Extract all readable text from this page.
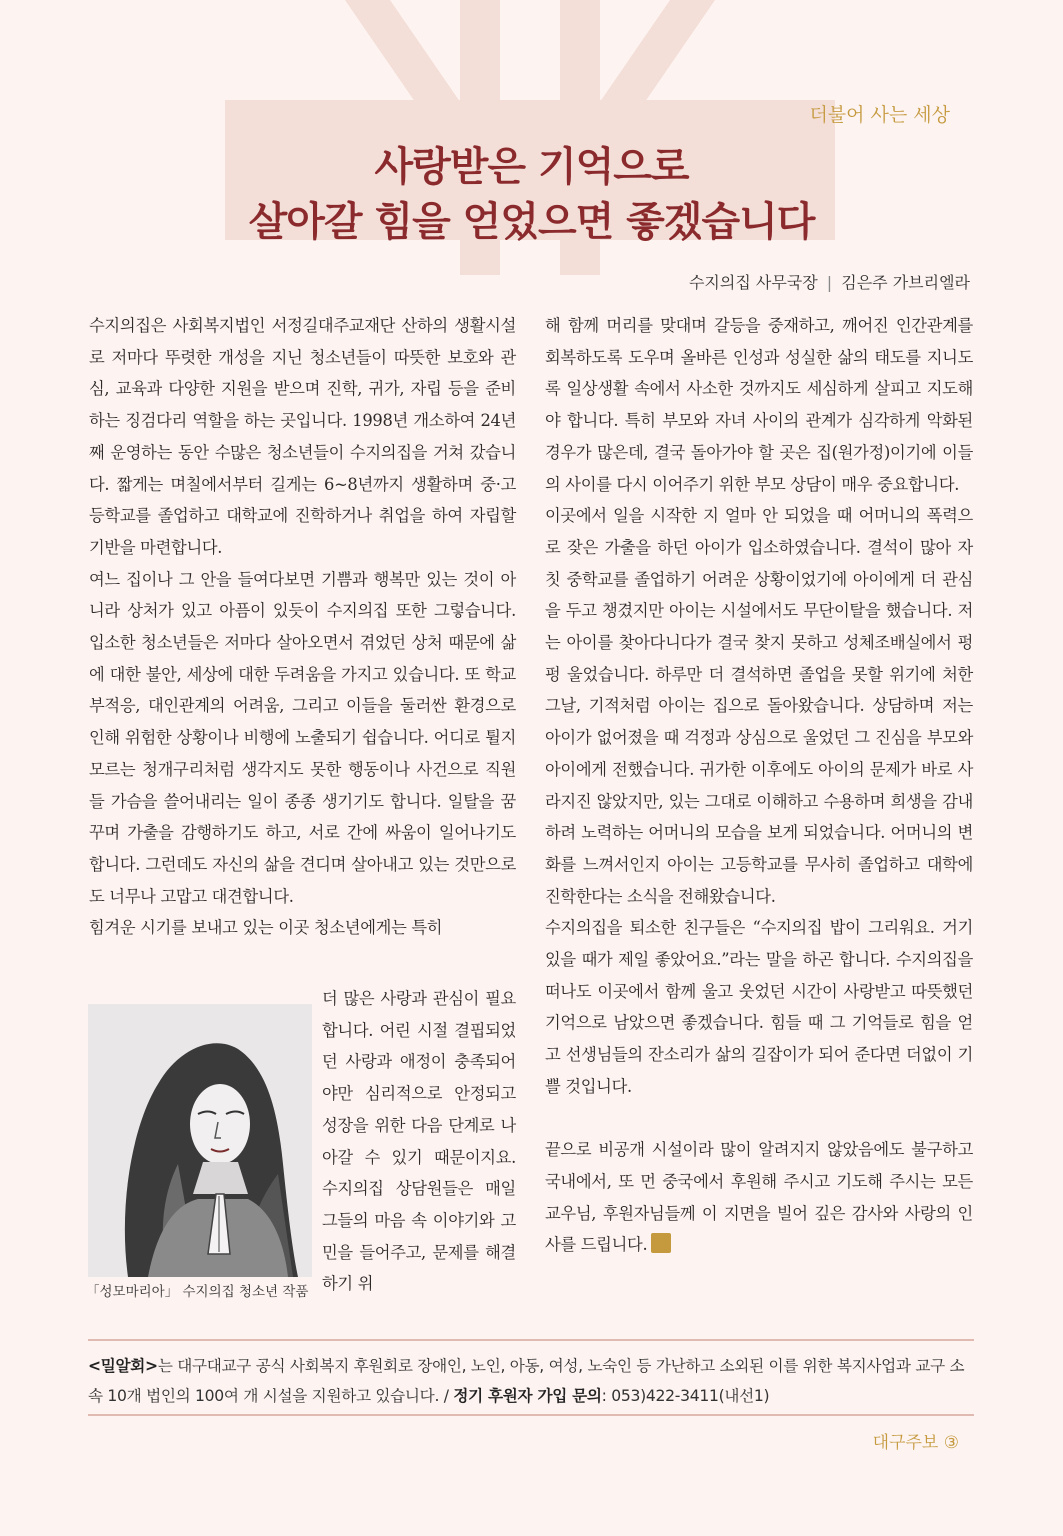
더불어 사는 세상
사랑받은 기억으로
살아갈 힘을 얻었으면 좋겠습니다
수지의집 사무국장 | 김은주 가브리엘라

수지의집은 사회복지법인 서정길대주교재단 산하의 생활시설로 저마다 뚜렷한 개성을 지닌 청소년들이 따뜻한 보호와 관심, 교육과 다양한 지원을 받으며 진학, 귀가, 자립 등을 준비하는 징검다리 역할을 하는 곳입니다. 1998년 개소하여 24년째 운영하는 동안 수많은 청소년들이 수지의집을 거쳐 갔습니다. 짧게는 며칠에서부터 길게는 6~8년까지 생활하며 중·고등학교를 졸업하고 대학교에 진학하거나 취업을 하여 자립할 기반을 마련합니다.

여느 집이나 그 안을 들여다보면 기쁨과 행복만 있는 것이 아니라 상처가 있고 아픔이 있듯이 수지의집 또한 그렇습니다. 입소한 청소년들은 저마다 살아오면서 겪었던 상처 때문에 삶에 대한 불안, 세상에 대한 두려움을 가지고 있습니다. 또 학교 부적응, 대인관계의 어려움, 그리고 이들을 둘러싼 환경으로 인해 위험한 상황이나 비행에 노출되기 쉽습니다. 어디로 튈지 모르는 청개구리처럼 생각지도 못한 행동이나 사건으로 직원들 가슴을 쓸어내리는 일이 종종 생기기도 합니다. 일탈을 꿈꾸며 가출을 감행하기도 하고, 서로 간에 싸움이 일어나기도 합니다. 그런데도 자신의 삶을 견디며 살아내고 있는 것만으로도 너무나 고맙고 대견합니다.

힘겨운 시기를 보내고 있는 이곳 청소년에게는 특히

「성모마리아」 수지의집 청소년 작품

더 많은 사랑과 관심이 필요합니다. 어린 시절 결핍되었던 사랑과 애정이 충족되어야만 심리적으로 안정되고 성장을 위한 다음 단계로 나아갈 수 있기 때문이지요. 수지의집 상담원들은 매일 그들의 마음 속 이야기와 고민을 들어주고, 문제를 해결하기 위

해 함께 머리를 맞대며 갈등을 중재하고, 깨어진 인간관계를 회복하도록 도우며 올바른 인성과 성실한 삶의 태도를 지니도록 일상생활 속에서 사소한 것까지도 세심하게 살피고 지도해야 합니다. 특히 부모와 자녀 사이의 관계가 심각하게 악화된 경우가 많은데, 결국 돌아가야 할 곳은 집(원가정)이기에 이들의 사이를 다시 이어주기 위한 부모 상담이 매우 중요합니다.

이곳에서 일을 시작한 지 얼마 안 되었을 때 어머니의 폭력으로 잦은 가출을 하던 아이가 입소하였습니다. 결석이 많아 자칫 중학교를 졸업하기 어려운 상황이었기에 아이에게 더 관심을 두고 챙겼지만 아이는 시설에서도 무단이탈을 했습니다. 저는 아이를 찾아다니다가 결국 찾지 못하고 성체조배실에서 펑펑 울었습니다. 하루만 더 결석하면 졸업을 못할 위기에 처한 그날, 기적처럼 아이는 집으로 돌아왔습니다. 상담하며 저는 아이가 없어졌을 때 걱정과 상심으로 울었던 그 진심을 부모와 아이에게 전했습니다. 귀가한 이후에도 아이의 문제가 바로 사라지진 않았지만, 있는 그대로 이해하고 수용하며 희생을 감내하려 노력하는 어머니의 모습을 보게 되었습니다. 어머니의 변화를 느껴서인지 아이는 고등학교를 무사히 졸업하고 대학에 진학한다는 소식을 전해왔습니다.

수지의집을 퇴소한 친구들은 “수지의집 밥이 그리워요. 거기 있을 때가 제일 좋았어요.”라는 말을 하곤 합니다. 수지의집을 떠나도 이곳에서 함께 울고 웃었던 시간이 사랑받고 따뜻했던 기억으로 남았으면 좋겠습니다. 힘들 때 그 기억들로 힘을 얻고 선생님들의 잔소리가 삶의 길잡이가 되어 준다면 더없이 기쁠 것입니다.

끝으로 비공개 시설이라 많이 알려지지 않았음에도 불구하고 국내에서, 또 먼 중국에서 후원해 주시고 기도해 주시는 모든 교우님, 후원자님들께 이 지면을 빌어 깊은 감사와 사랑의 인사를 드립니다.

<밀알회>는 대구대교구 공식 사회복지 후원회로 장애인, 노인, 아동, 여성, 노숙인 등 가난하고 소외된 이를 위한 복지사업과 교구 소속 10개 법인의 100여 개 시설을 지원하고 있습니다. / 정기 후원자 가입 문의: 053)422-3411(내선1)
대구주보 ③
